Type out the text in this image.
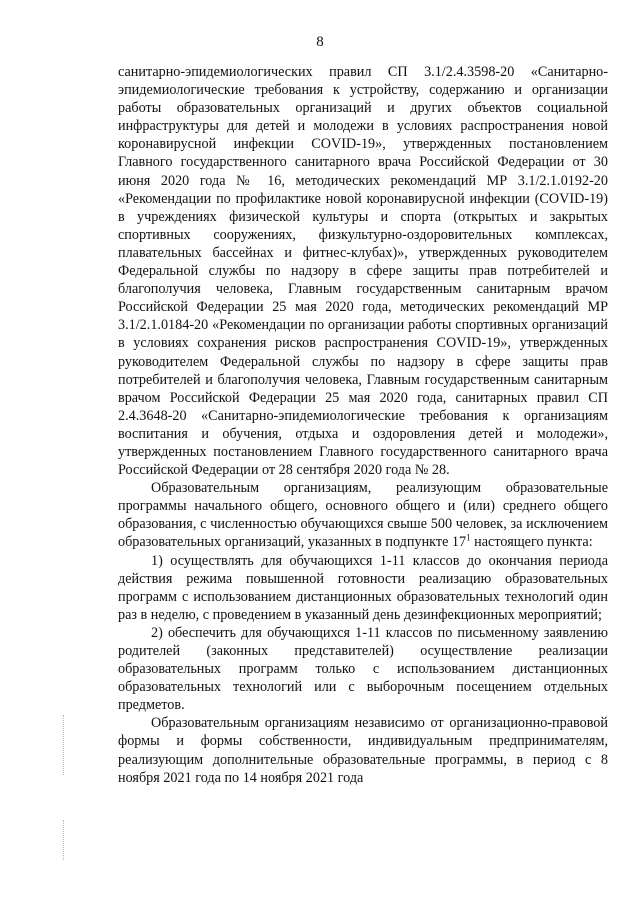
8

санитарно-эпидемиологических правил СП 3.1/2.4.3598-20 «Санитарно-эпидемиологические требования к устройству, содержанию и организации работы образовательных организаций и других объектов социальной инфраструктуры для детей и молодежи в условиях распространения новой коронавирусной инфекции COVID-19», утвержденных постановлением Главного государственного санитарного врача Российской Федерации от 30 июня 2020 года № 16, методических рекомендаций МР 3.1/2.1.0192-20 «Рекомендации по профилактике новой коронавирусной инфекции (COVID-19) в учреждениях физической культуры и спорта (открытых и закрытых спортивных сооружениях, физкультурно-оздоровительных комплексах, плавательных бассейнах и фитнес-клубах)», утвержденных руководителем Федеральной службы по надзору в сфере защиты прав потребителей и благополучия человека, Главным государственным санитарным врачом Российской Федерации 25 мая 2020 года, методических рекомендаций МР 3.1/2.1.0184-20 «Рекомендации по организации работы спортивных организаций в условиях сохранения рисков распространения COVID-19», утвержденных руководителем Федеральной службы по надзору в сфере защиты прав потребителей и благополучия человека, Главным государственным санитарным врачом Российской Федерации 25 мая 2020 года, санитарных правил СП 2.4.3648-20 «Санитарно-эпидемиологические требования к организациям воспитания и обучения, отдыха и оздоровления детей и молодежи», утвержденных постановлением Главного государственного санитарного врача Российской Федерации от 28 сентября 2020 года № 28.

Образовательным организациям, реализующим образовательные программы начального общего, основного общего и (или) среднего общего образования, с численностью обучающихся свыше 500 человек, за исключением образовательных организаций, указанных в подпункте $17^1$ настоящего пункта:

1) осуществлять для обучающихся 1-11 классов до окончания периода действия режима повышенной готовности реализацию образовательных программ с использованием дистанционных образовательных технологий один раз в неделю, с проведением в указанный день дезинфекционных мероприятий;

2) обеспечить для обучающихся 1-11 классов по письменному заявлению родителей (законных представителей) осуществление реализации образовательных программ только с использованием дистанционных образовательных технологий или с выборочным посещением отдельных предметов.

Образовательным организациям независимо от организационно-правовой формы и формы собственности, индивидуальным предпринимателям, реализующим дополнительные образовательные программы, в период с 8 ноября 2021 года по 14 ноября 2021 года
